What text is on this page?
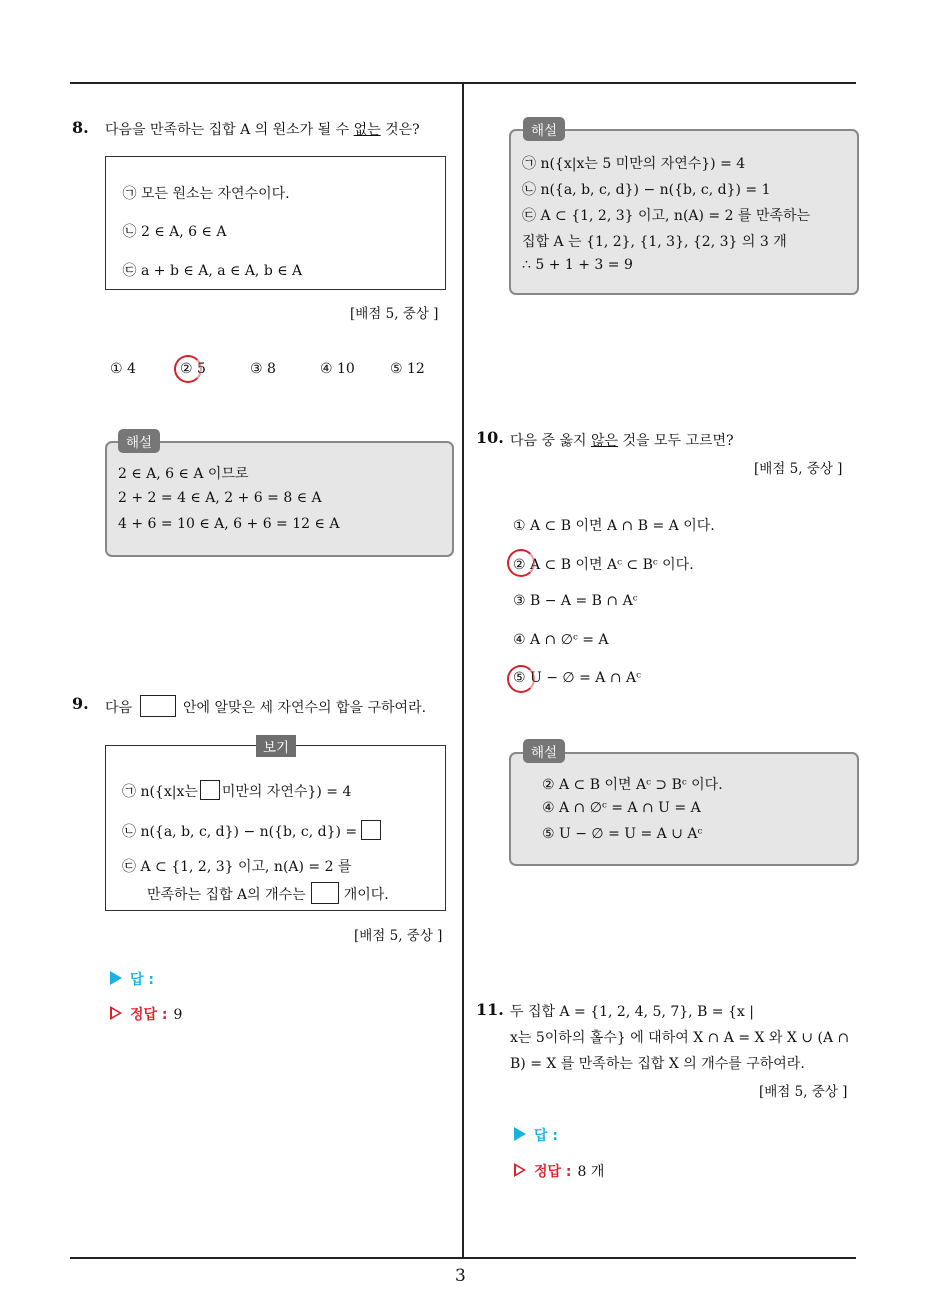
3
8. 다음을 만족하는 집합 A 의 원소가 될 수 없는 것은?
㉠ 모든 원소는 자연수이다.
㉡ 2 ∈ A, 6 ∈ A
㉢ a + b ∈ A, a ∈ A, b ∈ A
[배점 5, 중상 ]
① 4	② 5	③ 8	④ 10	⑤ 12
2 ∈ A, 6 ∈ A 이므로
2 + 2 = 4 ∈ A, 2 + 6 = 8 ∈ A
4 + 6 = 10 ∈ A, 6 + 6 = 12 ∈ A
해설
9. 다음	안에 알맞은 세 자연수의 합을 구하여라.
㉠ n({x|x는 미만의 자연수}) = 4
㉡ n({a, b, c, d}) − n({b, c, d}) =
㉢ A ⊂ {1, 2, 3} 이고, n(A) = 2 를
만족하는 집합 A의 개수는	개이다.
보기
[배점 5, 중상 ]
답 :
정답 : 9
㉠ n({x|x는 5 미만의 자연수}) = 4
㉡ n({a, b, c, d}) − n({b, c, d}) = 1
㉢ A ⊂ {1, 2, 3} 이고, n(A) = 2 를 만족하는
집합 A 는 {1, 2}, {1, 3}, {2, 3} 의 3 개
∴ 5 + 1 + 3 = 9
해설
10. 다음 중 옳지 않은 것을 모두 고르면?
[배점 5, 중상 ]
① A ⊂ B 이면 A ∩ B = A 이다.
② A ⊂ B 이면 Aᶜ ⊂ Bᶜ 이다.
③ B − A = B ∩ Aᶜ
④ A ∩ ∅ᶜ = A
⑤ U − ∅ = A ∩ Aᶜ
② A ⊂ B 이면 Aᶜ ⊃ Bᶜ 이다.
④ A ∩ ∅ᶜ = A ∩ U = A
⑤ U − ∅ = U = A ∪ Aᶜ
해설
11. 두 집합 A = {1, 2, 4, 5, 7}, B = {x |
x는 5이하의 홀수} 에 대하여 X ∩ A = X 와 X ∪ (A ∩
B) = X 를 만족하는 집합 X 의 개수를 구하여라.
[배점 5, 중상 ]
답 :
정답 : 8 개
